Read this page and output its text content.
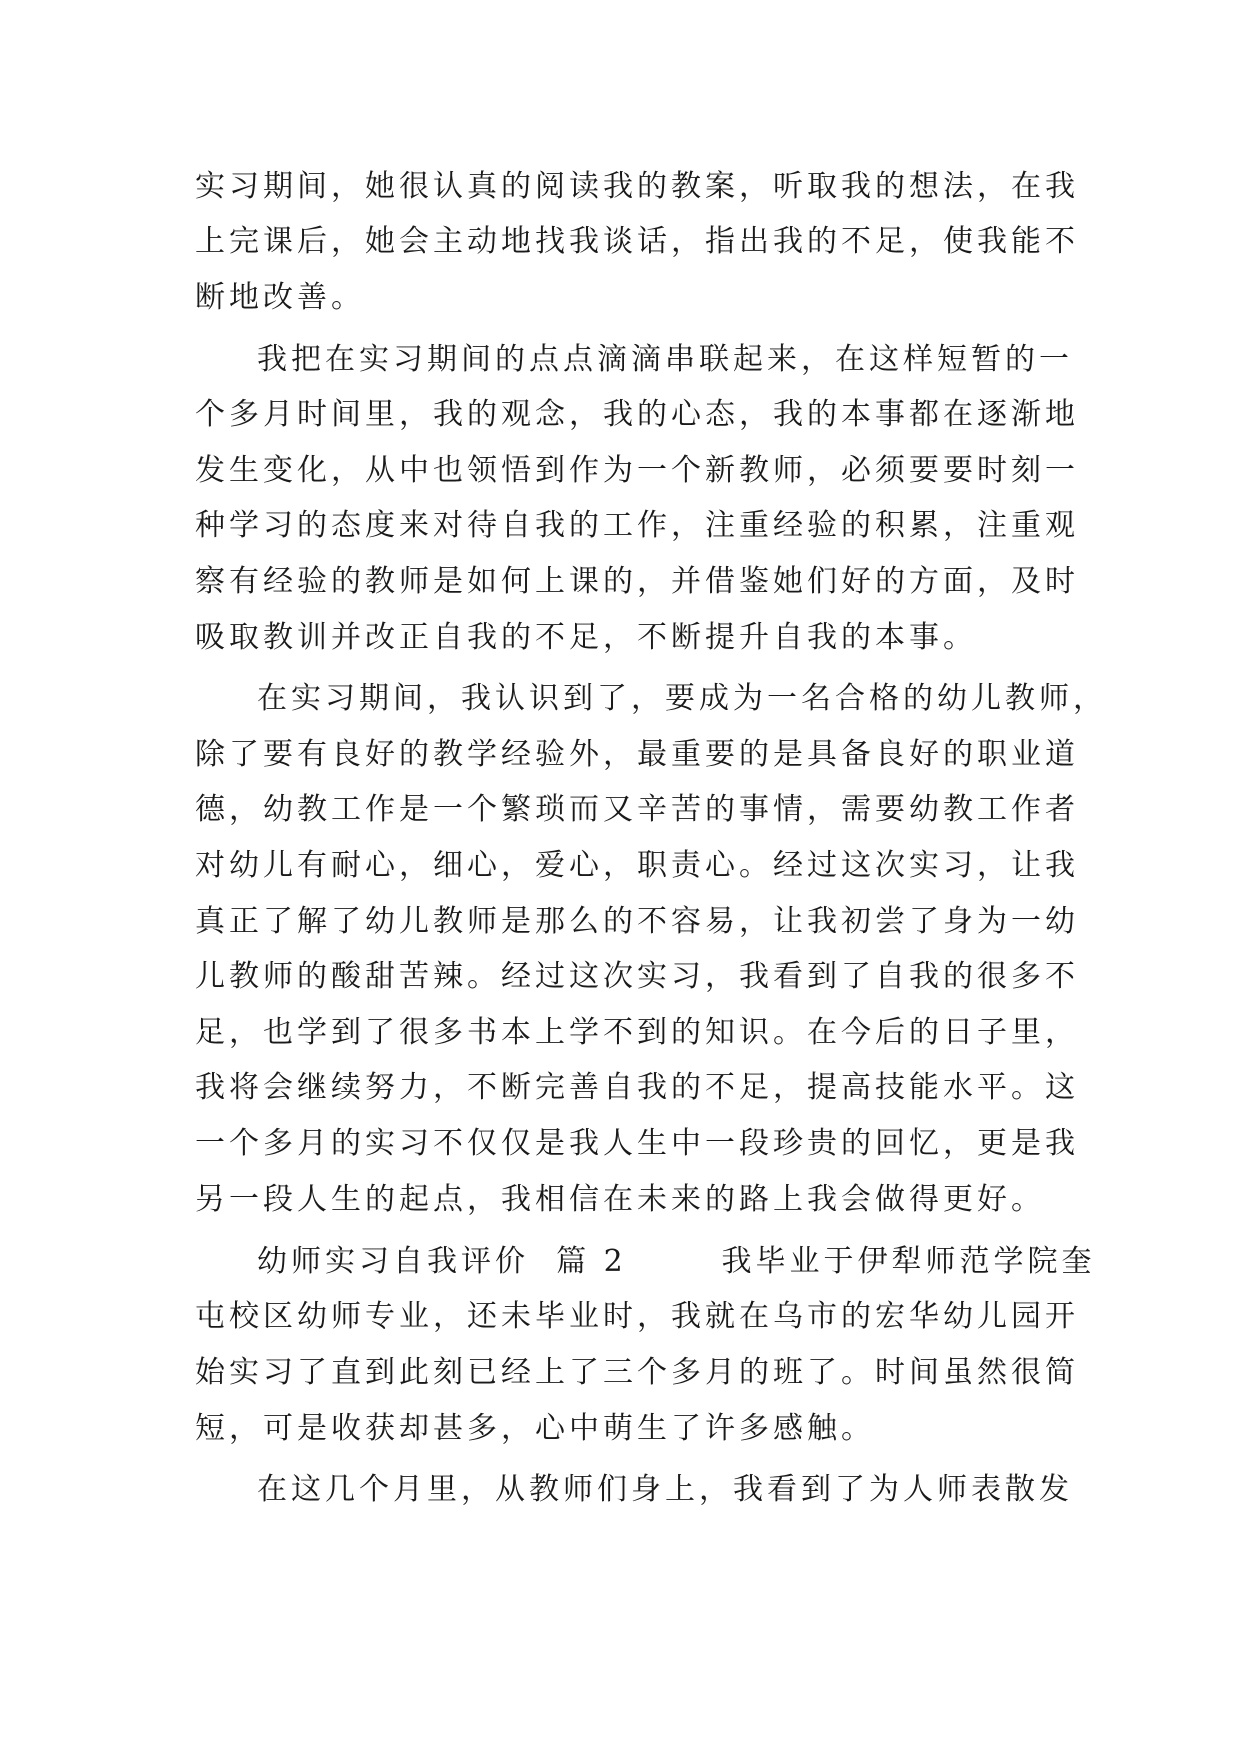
实习期间，她很认真的阅读我的教案，听取我的想法，在我
上完课后，她会主动地找我谈话，指出我的不足，使我能不
断地改善。
我把在实习期间的点点滴滴串联起来，在这样短暂的一
个多月时间里，我的观念，我的心态，我的本事都在逐渐地
发生变化，从中也领悟到作为一个新教师，必须要要时刻一
种学习的态度来对待自我的工作，注重经验的积累，注重观
察有经验的教师是如何上课的，并借鉴她们好的方面，及时
吸取教训并改正自我的不足，不断提升自我的本事。
在实习期间，我认识到了，要成为一名合格的幼儿教师，
除了要有良好的教学经验外，最重要的是具备良好的职业道
德，幼教工作是一个繁琐而又辛苦的事情，需要幼教工作者
对幼儿有耐心，细心，爱心，职责心。经过这次实习，让我
真正了解了幼儿教师是那么的不容易，让我初尝了身为一幼
儿教师的酸甜苦辣。经过这次实习，我看到了自我的很多不
足，也学到了很多书本上学不到的知识。在今后的日子里，
我将会继续努力，不断完善自我的不足，提高技能水平。这
一个多月的实习不仅仅是我人生中一段珍贵的回忆，更是我
另一段人生的起点，我相信在未来的路上我会做得更好。
幼师实习自我评价  篇 2       我毕业于伊犁师范学院奎
屯校区幼师专业，还未毕业时，我就在乌市的宏华幼儿园开
始实习了直到此刻已经上了三个多月的班了。时间虽然很简
短，可是收获却甚多，心中萌生了许多感触。
在这几个月里，从教师们身上，我看到了为人师表散发
